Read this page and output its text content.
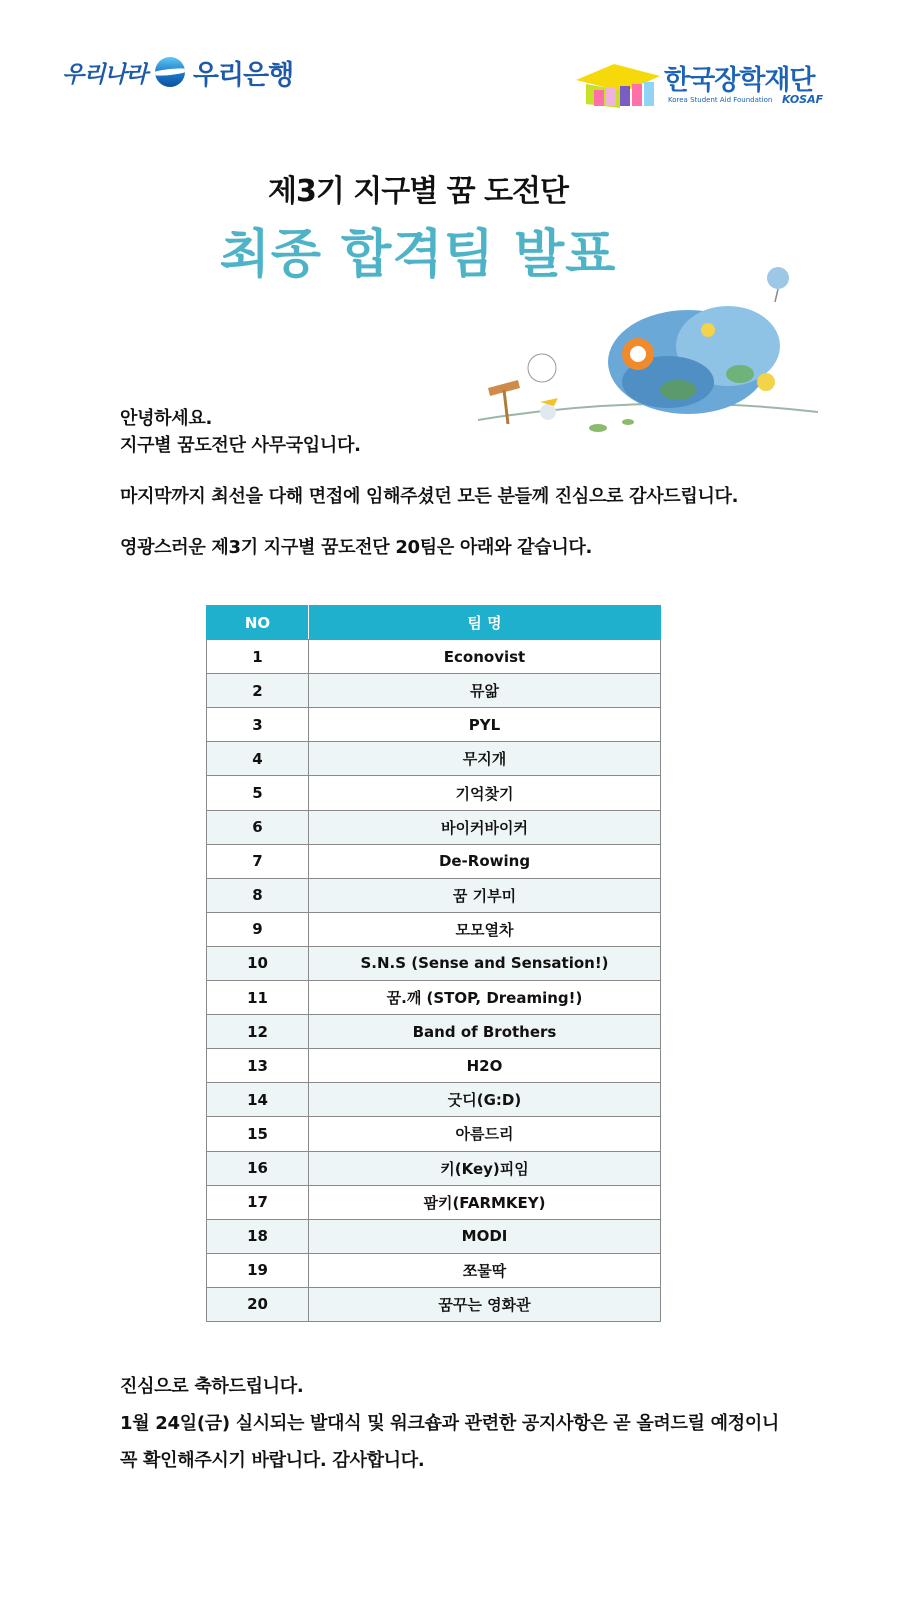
우리나라 우리은행	한국장학재단
Korea Student Aid Foundation KOSAF
제3기 지구별 꿈 도전단
최종 합격팀 발표
안녕하세요.
지구별 꿈도전단 사무국입니다.
마지막까지 최선을 다해 면접에 임해주셨던 모든 분들께 진심으로 감사드립니다.
영광스러운 제3기 지구별 꿈도전단 20팀은 아래와 같습니다.
NO	팀 명
1	Econovist
2	뮤앎
3	PYL
4	무지개
5	기억찾기
6	바이커바이커
7	De-Rowing
8	꿈 기부미
9	모모열차
10	S.N.S (Sense and Sensation!)
11	꿈.깨 (STOP, Dreaming!)
12	Band of Brothers
13	H2O
14	굿디(G:D)
15	아름드리
16	키(Key)피임
17	팜키(FARMKEY)
18	MODI
19	쪼물딱
20	꿈꾸는 영화관
진심으로 축하드립니다.
1월 24일(금) 실시되는 발대식 및 워크숍과 관련한 공지사항은 곧 올려드릴 예정이니
꼭 확인해주시기 바랍니다. 감사합니다.
